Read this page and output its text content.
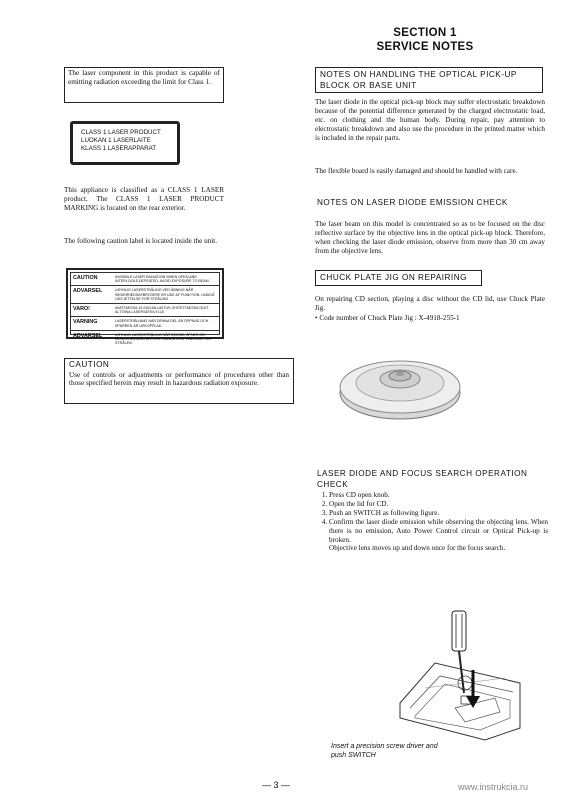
SECTION 1
SERVICE NOTES
The laser component in this product is capable of emitting radiation exceeding the limit for Class 1.
CLASS 1 LASER PRODUCT
LUOKAN 1 LASERLAITE
KLASS 1 LASERAPPARAT
This appliance is classified as a CLASS 1 LASER product. The CLASS 1 LASER PRODUCT MARKING is located on the rear exterior.
The following caution label is located inside the unit.
CAUTION	INVISIBLE LASER RADIATION WHEN OPEN AND INTERLOCKS DEFEATED. AVOID EXPOSURE TO BEAM.
ADVARSEL	USYNLIG LASERSTRÅLING VED ÅBNING NÅR SIKKERHEDSAFBRYDERE ER UDE AF FUNKTION. UNDGÅ UDS ÆTTELSE FOR STRÅLING.
VARO!	AVATTAESSA JA SUOJALUKITUS OHITETTAESSA OLET ALTTIINA LASERSÄTEILYLLE.
VARNING	LASERSTRÅLNING NÄR DENNA DEL ÄR ÖPPNAD OCH SPÄRREN ÄR URKOPPLAD.
ADVARSEL	USYNLIG LASERSTRÅLING NÅR DEKSEL ÅPNES OG SIKKERHEDSLÅS BRYTES. UNNGÅ EKSPONERING FOR STRÅLEN.
CAUTION
Use of controls or adjustments or performance of procedures other than those specified herein may result in hazardous radiation exposure.
NOTES ON HANDLING THE OPTICAL PICK-UP BLOCK OR BASE UNIT
The laser diode in the optical pick-up block may suffer electrostatic breakdown because of the potential difference generated by the charged electrostatic load, etc. on clothing and the human body. During repair, pay attention to electrostatic breakdown and also use the procedure in the printed matter which is included in the repair parts.
The flexible board is easily damaged and should be handled with care.
NOTES ON LASER DIODE EMISSION CHECK
The laser beam on this model is concentrated so as to be focused on the disc reflective surface by the objective lens in the optical pick-up block. Therefore, when checking the laser diode emission, observe from more than 30 cm away from the objective lens.
CHUCK PLATE JIG ON REPAIRING
On repairing CD section, playing a disc without the CD lid, use Chuck Plate Jig.
• Code number of Chuck Plate Jig : X-4918-255-1
LASER DIODE AND FOCUS SEARCH OPERATION CHECK
1. Press CD open knob.
2. Open the lid for CD.
3. Push an SWITCH as following figure.
4. Confirm the laser diode emission while observing the objecting lens. When there is no emission, Auto Power Control circuit or Optical Pick-up is broken.
Objective lens moves up and down once for the focus search.
Insert a precision screw driver and push SWITCH
— 3 —	www.instrukcia.ru
